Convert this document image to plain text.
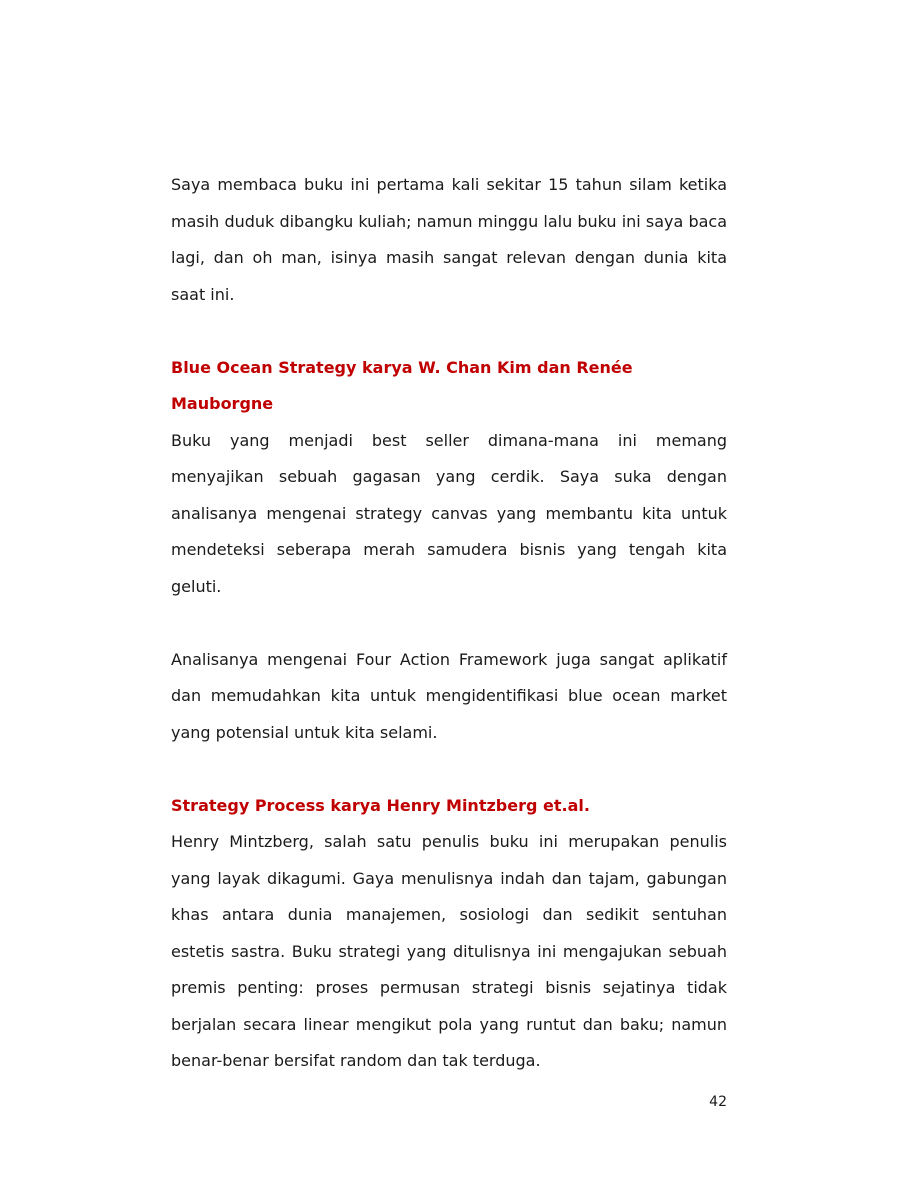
Saya membaca buku ini pertama kali sekitar 15 tahun silam ketika masih duduk dibangku kuliah; namun minggu lalu buku ini saya baca lagi, dan oh man, isinya masih sangat relevan dengan dunia kita saat ini.

Blue Ocean Strategy karya W. Chan Kim dan Renée Mauborgne

Buku yang menjadi best seller dimana-mana ini memang menyajikan sebuah gagasan yang cerdik. Saya suka dengan analisanya mengenai strategy canvas yang membantu kita untuk mendeteksi seberapa merah samudera bisnis yang tengah kita geluti.

Analisanya mengenai Four Action Framework juga sangat aplikatif dan memudahkan kita untuk mengidentifikasi blue ocean market yang potensial untuk kita selami.

Strategy Process karya Henry Mintzberg et.al.

Henry Mintzberg, salah satu penulis buku ini merupakan penulis yang layak dikagumi. Gaya menulisnya indah dan tajam, gabungan khas antara dunia manajemen, sosiologi dan sedikit sentuhan estetis sastra. Buku strategi yang ditulisnya ini mengajukan sebuah premis penting: proses permusan strategi bisnis sejatinya tidak berjalan secara linear mengikut pola yang runtut dan baku; namun benar-benar bersifat random dan tak terduga.

42
